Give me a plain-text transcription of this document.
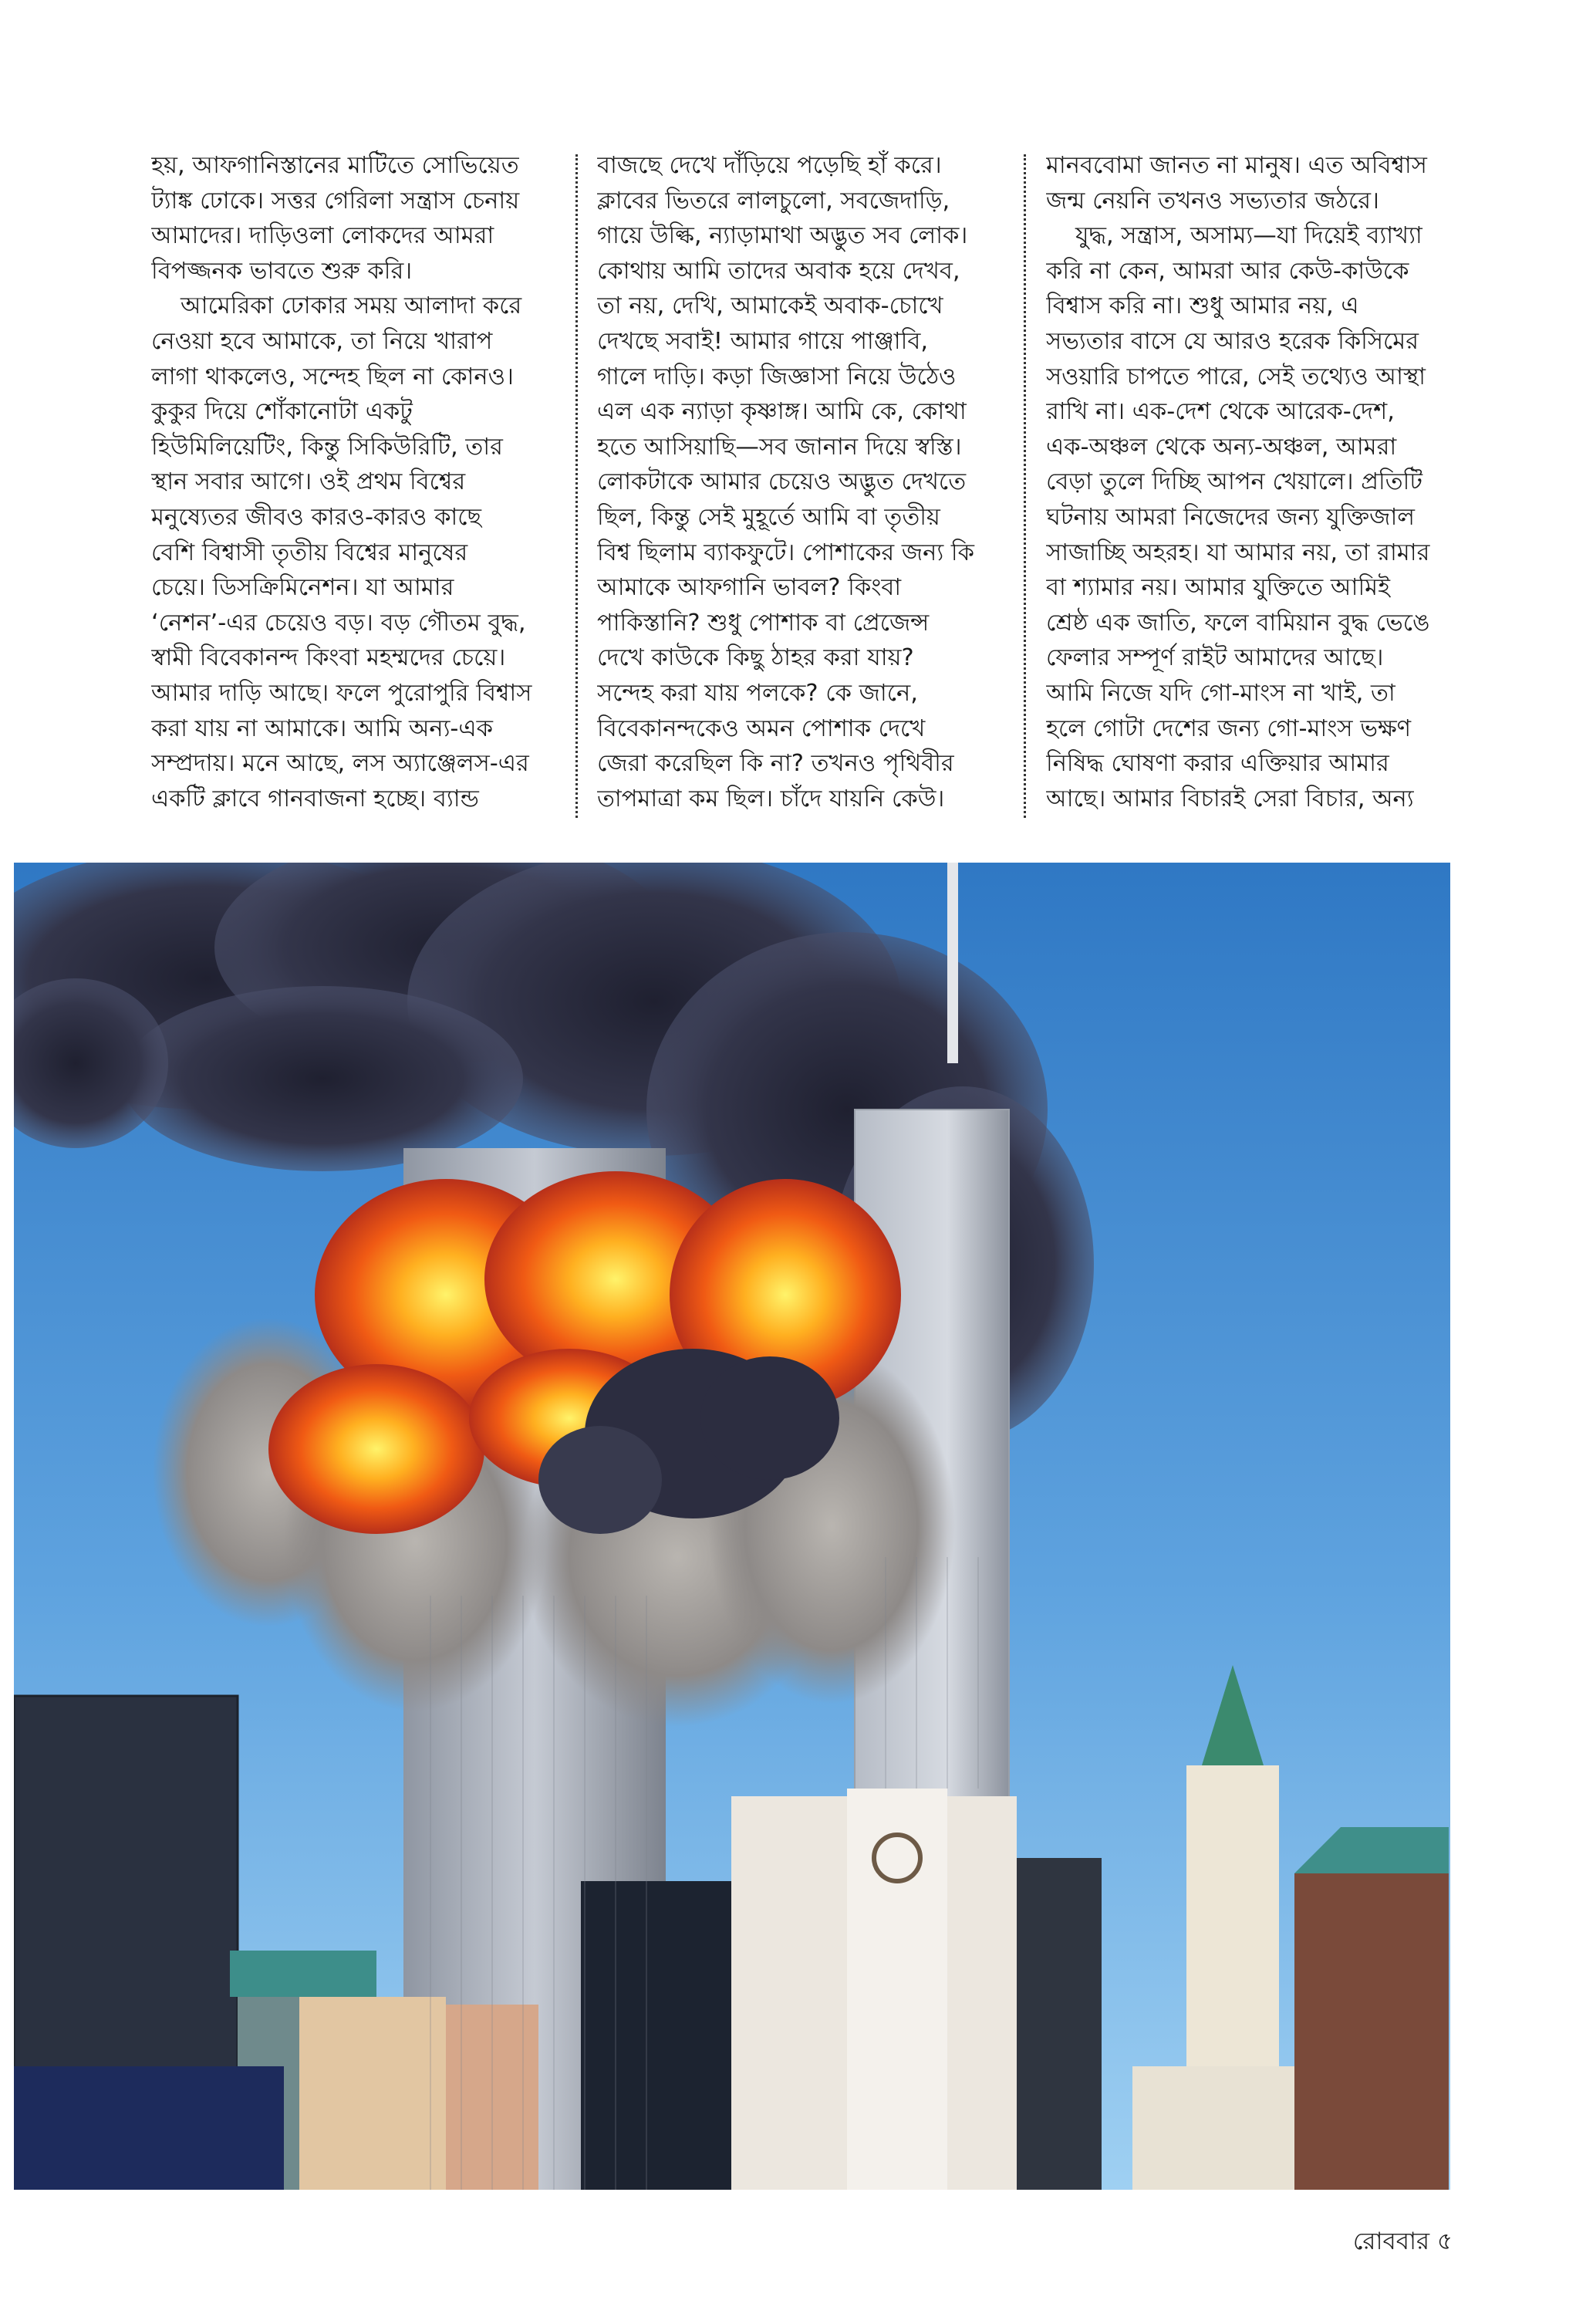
হয়, আফগানিস্তানের মাটিতে সোভিয়েত

ট্যাঙ্ক ঢোকে। সত্তর গেরিলা সন্ত্রাস চেনায়

আমাদের। দাড়িওলা লোকদের আমরা

বিপজ্জনক ভাবতে শুরু করি।

আমেরিকা ঢোকার সময় আলাদা করে

নেওয়া হবে আমাকে, তা নিয়ে খারাপ

লাগা থাকলেও, সন্দেহ ছিল না কোনও।

কুকুর দিয়ে শোঁকানোটা একটু

হিউমিলিয়েটিং, কিন্তু সিকিউরিটি, তার

স্থান সবার আগে। ওই প্রথম বিশ্বের

মনুষ্যেতর জীবও কারও-কারও কাছে

বেশি বিশ্বাসী তৃতীয় বিশ্বের মানুষের

চেয়ে। ডিসক্রিমিনেশন। যা আমার

‘নেশন’-এর চেয়েও বড়। বড় গৌতম বুদ্ধ,

স্বামী বিবেকানন্দ কিংবা মহম্মদের চেয়ে।

আমার দাড়ি আছে। ফলে পুরোপুরি বিশ্বাস

করা যায় না আমাকে। আমি অন্য-এক

সম্প্রদায়। মনে আছে, লস অ্যাঞ্জেলস-এর

একটি ক্লাবে গানবাজনা হচ্ছে। ব্যান্ড

বাজছে দেখে দাঁড়িয়ে পড়েছি হাঁ করে।

ক্লাবের ভিতরে লালচুলো, সবজেদাড়ি,

গায়ে উল্কি, ন্যাড়ামাথা অদ্ভুত সব লোক।

কোথায় আমি তাদের অবাক হয়ে দেখব,

তা নয়, দেখি, আমাকেই অবাক-চোখে

দেখছে সবাই! আমার গায়ে পাঞ্জাবি,

গালে দাড়ি। কড়া জিজ্ঞাসা নিয়ে উঠেও

এল এক ন্যাড়া কৃষ্ণাঙ্গ। আমি কে, কোথা

হতে আসিয়াছি—সব জানান দিয়ে স্বস্তি।

লোকটাকে আমার চেয়েও অদ্ভুত দেখতে

ছিল, কিন্তু সেই মুহূর্তে আমি বা তৃতীয়

বিশ্ব ছিলাম ব্যাকফুটে। পোশাকের জন্য কি

আমাকে আফগানি ভাবল? কিংবা

পাকিস্তানি? শুধু পোশাক বা প্রেজেন্স

দেখে কাউকে কিছু ঠাহর করা যায়?

সন্দেহ করা যায় পলকে? কে জানে,

বিবেকানন্দকেও অমন পোশাক দেখে

জেরা করেছিল কি না? তখনও পৃথিবীর

তাপমাত্রা কম ছিল। চাঁদে যায়নি কেউ।

মানববোমা জানত না মানুষ। এত অবিশ্বাস

জন্ম নেয়নি তখনও সভ্যতার জঠরে।

যুদ্ধ, সন্ত্রাস, অসাম্য—যা দিয়েই ব্যাখ্যা

করি না কেন, আমরা আর কেউ-কাউকে

বিশ্বাস করি না। শুধু আমার নয়, এ

সভ্যতার বাসে যে আরও হরেক কিসিমের

সওয়ারি চাপতে পারে, সেই তথ্যেও আস্থা

রাখি না। এক-দেশ থেকে আরেক-দেশ,

এক-অঞ্চল থেকে অন্য-অঞ্চল, আমরা

বেড়া তুলে দিচ্ছি আপন খেয়ালে। প্রতিটি

ঘটনায় আমরা নিজেদের জন্য যুক্তিজাল

সাজাচ্ছি অহরহ। যা আমার নয়, তা রামার

বা শ্যামার নয়। আমার যুক্তিতে আমিই

শ্রেষ্ঠ এক জাতি, ফলে বামিয়ান বুদ্ধ ভেঙে

ফেলার সম্পূর্ণ রাইট আমাদের আছে।

আমি নিজে যদি গো-মাংস না খাই, তা

হলে গোটা দেশের জন্য গো-মাংস ভক্ষণ

নিষিদ্ধ ঘোষণা করার এক্তিয়ার আমার

আছে। আমার বিচারই সেরা বিচার, অন্য

রোববার ৫
